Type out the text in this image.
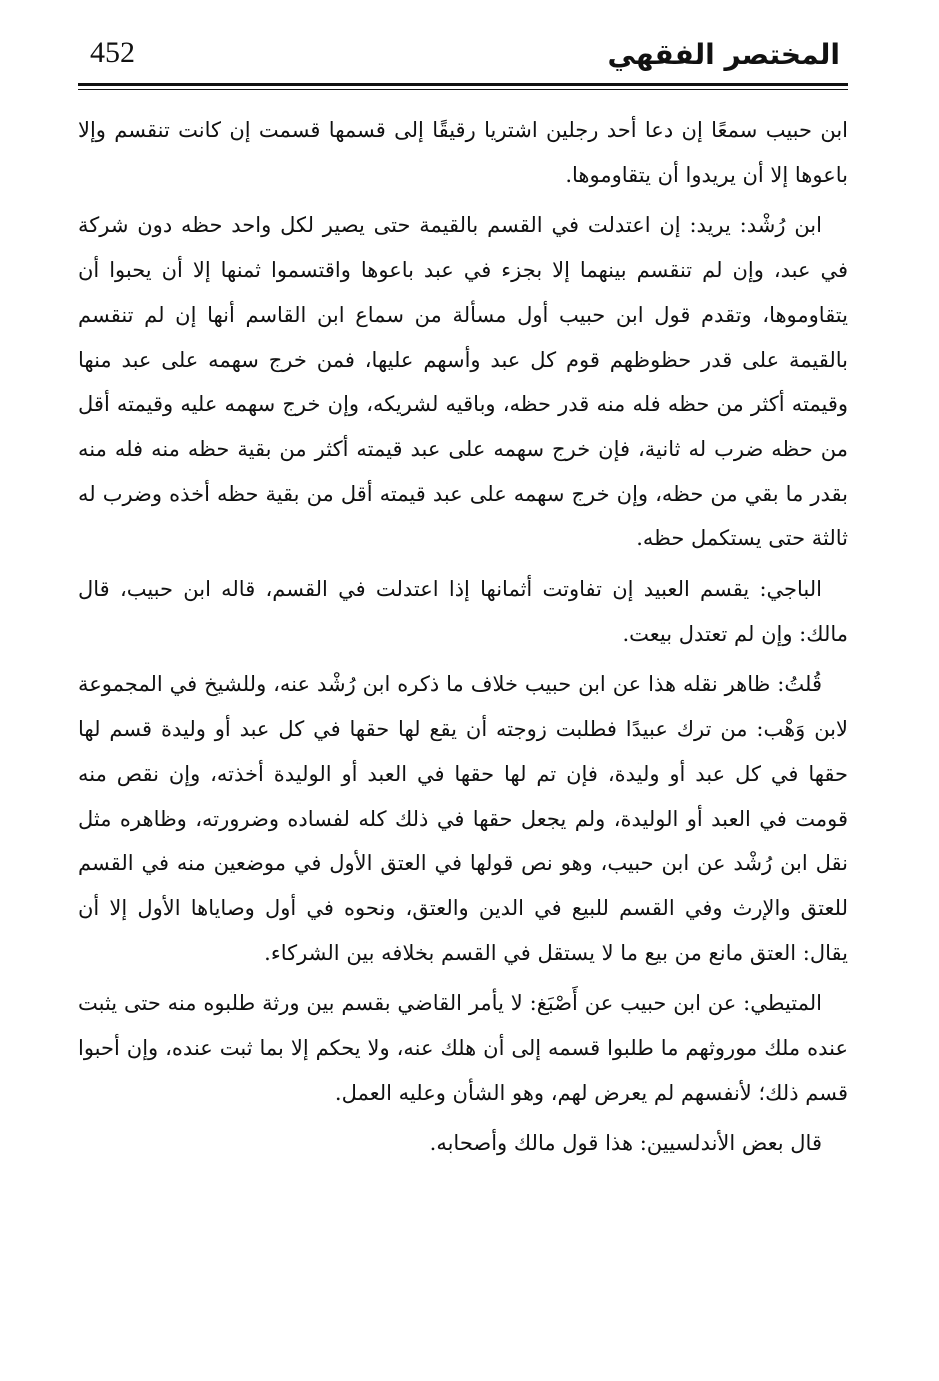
452	المختصر الفقهي

ابن حبيب سمعًا إن دعا أحد رجلين اشتريا رقيقًا إلى قسمها قسمت إن كانت تنقسم وإلا باعوها إلا أن يريدوا أن يتقاوموها.

ابن رُشْد: يريد: إن اعتدلت في القسم بالقيمة حتى يصير لكل واحد حظه دون شركة في عبد، وإن لم تنقسم بينهما إلا بجزء في عبد باعوها واقتسموا ثمنها إلا أن يحبوا أن يتقاوموها، وتقدم قول ابن حبيب أول مسألة من سماع ابن القاسم أنها إن لم تنقسم بالقيمة على قدر حظوظهم قوم كل عبد وأسهم عليها، فمن خرج سهمه على عبد منها وقيمته أكثر من حظه فله منه قدر حظه، وباقيه لشريكه، وإن خرج سهمه عليه وقيمته أقل من حظه ضرب له ثانية، فإن خرج سهمه على عبد قيمته أكثر من بقية حظه منه فله منه بقدر ما بقي من حظه، وإن خرج سهمه على عبد قيمته أقل من بقية حظه أخذه وضرب له ثالثة حتى يستكمل حظه.

الباجي: يقسم العبيد إن تفاوتت أثمانها إذا اعتدلت في القسم، قاله ابن حبيب، قال مالك: وإن لم تعتدل بيعت.

قُلتُ: ظاهر نقله هذا عن ابن حبيب خلاف ما ذكره ابن رُشْد عنه، وللشيخ في المجموعة لابن وَهْب: من ترك عبيدًا فطلبت زوجته أن يقع لها حقها في كل عبد أو وليدة قسم لها حقها في كل عبد أو وليدة، فإن تم لها حقها في العبد أو الوليدة أخذته، وإن نقص منه قومت في العبد أو الوليدة، ولم يجعل حقها في ذلك كله لفساده وضرورته، وظاهره مثل نقل ابن رُشْد عن ابن حبيب، وهو نص قولها في العتق الأول في موضعين منه في القسم للعتق والإرث وفي القسم للبيع في الدين والعتق، ونحوه في أول وصاياها الأول إلا أن يقال: العتق مانع من بيع ما لا يستقل في القسم بخلافه بين الشركاء.

المتيطي: عن ابن حبيب عن أَصْبَغ: لا يأمر القاضي بقسم بين ورثة طلبوه منه حتى يثبت عنده ملك موروثهم ما طلبوا قسمه إلى أن هلك عنه، ولا يحكم إلا بما ثبت عنده، وإن أحبوا قسم ذلك؛ لأنفسهم لم يعرض لهم، وهو الشأن وعليه العمل.

قال بعض الأندلسيين: هذا قول مالك وأصحابه.
